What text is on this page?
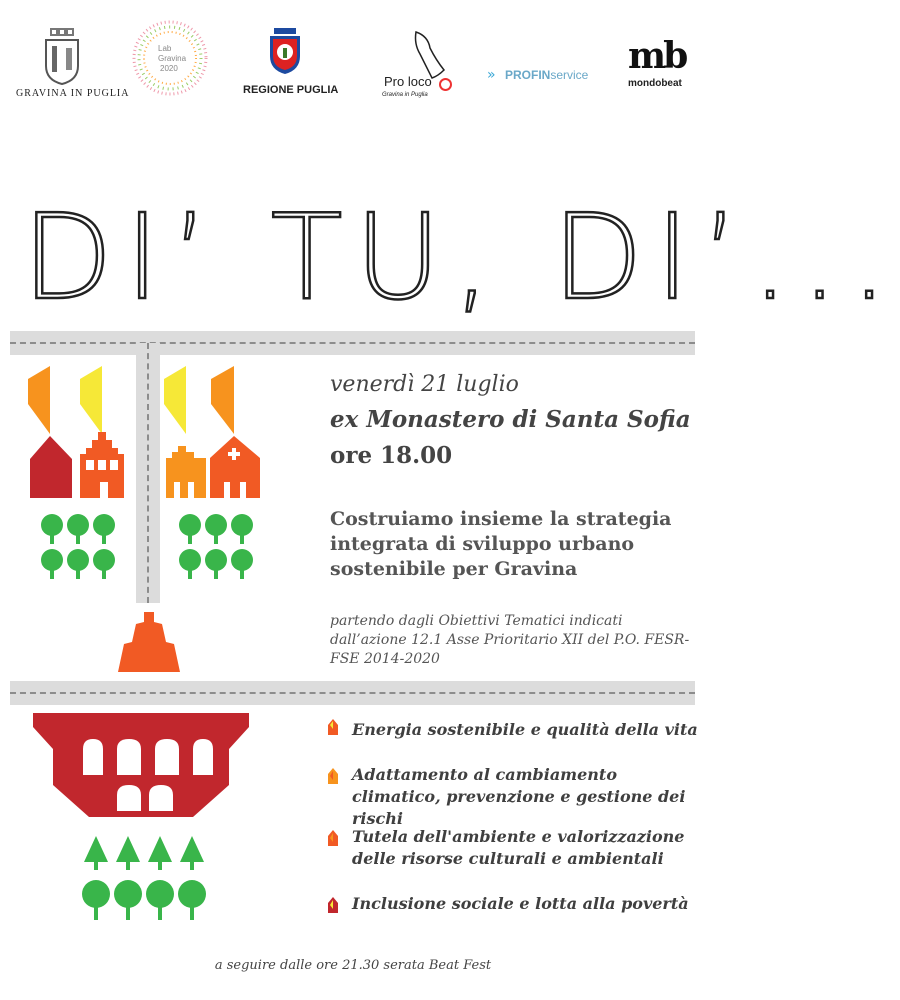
GRAVINA IN PUGLIA
Lab
Gravina
2020
REGIONE PUGLIA
Pro loco
Gravina in Puglia
» PROFINservice mb
mondobeat
DI’ TU, DI’...
venerdì 21 luglio
ex Monastero di Santa Sofia
ore 18.00
Costruiamo insieme la strategia integrata di sviluppo urbano sostenibile per Gravina
partendo dagli Obiettivi Tematici indicati dall’azione 12.1 Asse Prioritario XII del P.O. FESR-FSE 2014-2020
Energia sostenibile e qualità della vita
Adattamento al cambiamento climatico, prevenzione e gestione dei rischi
Tutela dell'ambiente e valorizzazione delle risorse culturali e ambientali
Inclusione sociale e lotta alla povertà
a seguire dalle ore 21.30 serata Beat Fest
